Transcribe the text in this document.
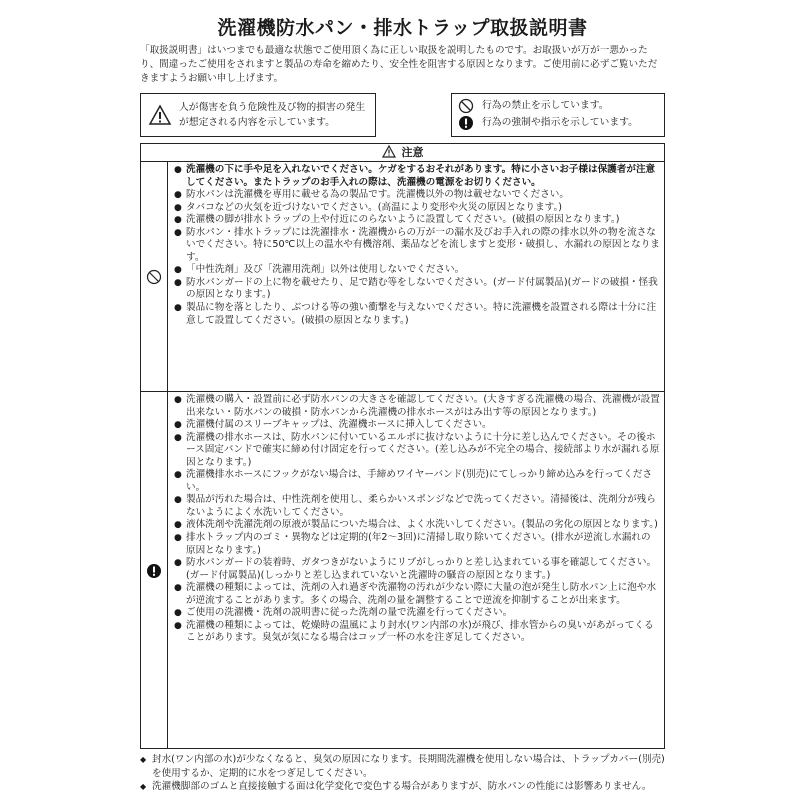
洗濯機防水パン・排水トラップ取扱説明書
「取扱説明書」はいつまでも最適な状態でご使用頂く為に正しい取扱を説明したものです。お取扱いが万が一悪かったり、間違ったご使用をされますと製品の寿命を縮めたり、安全性を阻害する原因となります。ご使用前に必ずご覧いただきますようお願い申し上げます。
人が傷害を負う危険性及び物的損害の発生が想定される内容を示しています。
行為の禁止を示しています。
行為の強制や指示を示しています。
注意
● 洗濯機の下に手や足を入れないでください。ケガをするおそれがあります。特に小さいお子様は保護者が注意してください。またトラップのお手入れの際は、洗濯機の電源をお切りください。
● 防水パンは洗濯機を専用に載せる為の製品です。洗濯機以外の物は載せないでください。
● タバコなどの火気を近づけないでください。(高温により変形や火災の原因となります。)
● 洗濯機の脚が排水トラップの上や付近にのらないように設置してください。(破損の原因となります。)
● 防水パン・排水トラップには洗濯排水・洗濯機からの万が一の漏水及びお手入れの際の排水以外の物を流さないでください。特に50℃以上の温水や有機溶剤、薬品などを流しますと変形・破損し、水漏れの原因となります。
● 「中性洗剤」及び「洗濯用洗剤」以外は使用しないでください。
● 防水パンガードの上に物を載せたり、足で踏む等をしないでください。(ガード付属製品)(ガードの破損・怪我の原因となります。)
● 製品に物を落としたり、ぶつける等の強い衝撃を与えないでください。特に洗濯機を設置される際は十分に注意して設置してください。(破損の原因となります。)
● 洗濯機の購入・設置前に必ず防水パンの大きさを確認してください。(大きすぎる洗濯機の場合、洗濯機が設置出来ない・防水パンの破損・防水パンから洗濯機の排水ホースがはみ出す等の原因となります。)
● 洗濯機付属のスリーブキャップは、洗濯機ホースに挿入してください。
● 洗濯機の排水ホースは、防水パンに付いているエルボに抜けないように十分に差し込んでください。その後ホース固定バンドで確実に締め付け固定を行ってください。(差し込みが不完全の場合、接続部より水が漏れる原因となります。)
● 洗濯機排水ホースにフックがない場合は、手締めワイヤーバンド(別売)にてしっかり締め込みを行ってください。
● 製品が汚れた場合は、中性洗剤を使用し、柔らかいスポンジなどで洗ってください。清掃後は、洗剤分が残らないようによく水洗いしてください。
● 液体洗剤や洗濯洗剤の原液が製品についた場合は、よく水洗いしてください。(製品の劣化の原因となります。)
● 排水トラップ内のゴミ・異物などは定期的(年2〜3回)に清掃し取り除いてください。(排水が逆流し水漏れの原因となります。)
● 防水パンガードの装着時、ガタつきがないようにリブがしっかりと差し込まれている事を確認してください。(ガード付属製品)(しっかりと差し込まれていないと洗濯時の騒音の原因となります。)
● 洗濯機の種類によっては、洗剤の入れ過ぎや洗濯物の汚れが少ない際に大量の泡が発生し防水パン上に泡や水が逆流することがあります。多くの場合、洗剤の量を調整することで逆流を抑制することが出来ます。
● ご使用の洗濯機・洗剤の説明書に従った洗剤の量で洗濯を行ってください。
● 洗濯機の種類によっては、乾燥時の温風により封水(ワン内部の水)が飛び、排水管からの臭いがあがってくることがあります。臭気が気になる場合はコップ一杯の水を注ぎ足してください。
◆ 封水(ワン内部の水)が少なくなると、臭気の原因になります。長期間洗濯機を使用しない場合は、トラップカバー(別売)を使用するか、定期的に水をつぎ足してください。
◆ 洗濯機脚部のゴムと直接接触する面は化学変化で変色する場合がありますが、防水パンの性能には影響ありません。
